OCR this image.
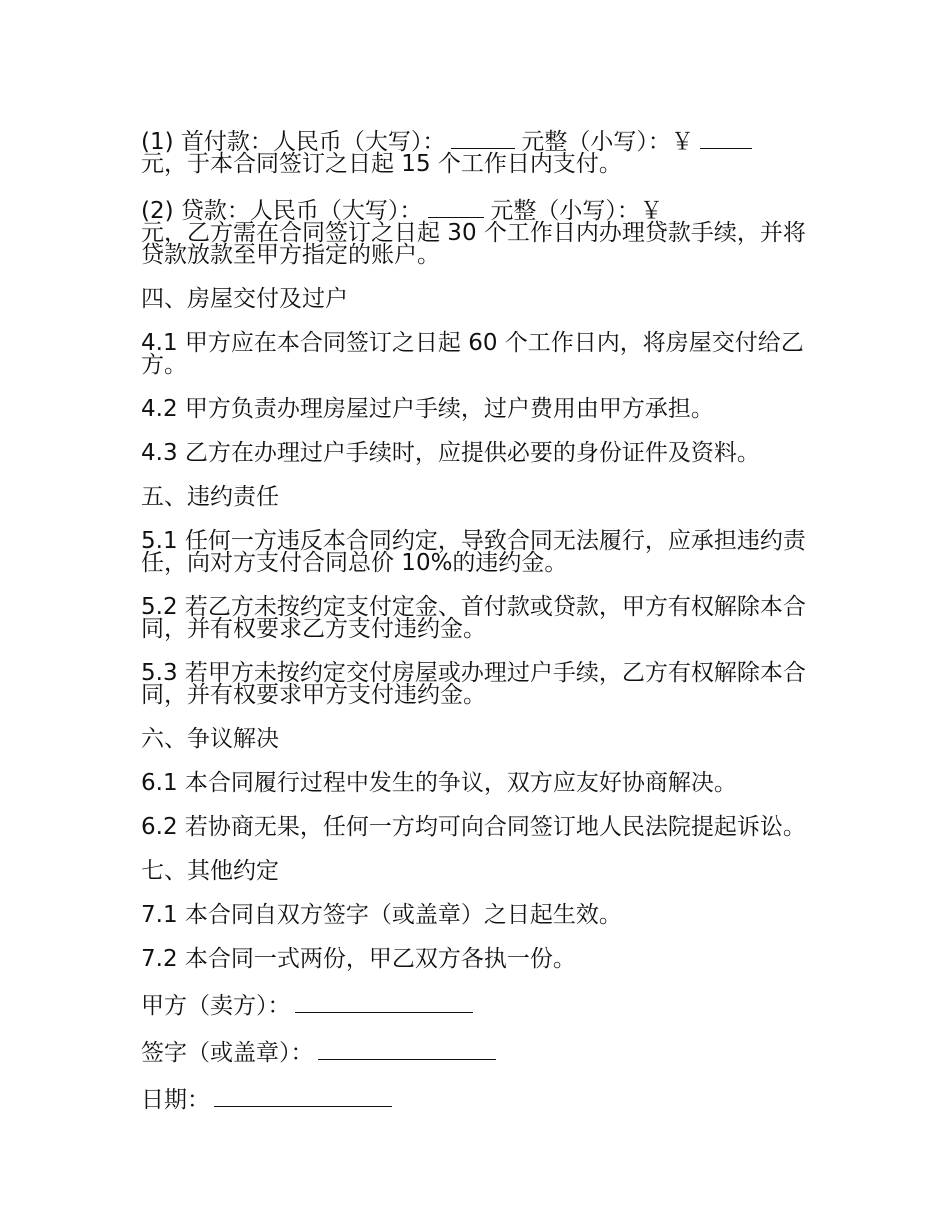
(1) 首付款：人民币（大写）：	元整（小写）：￥
元，于本合同签订之日起 15 个工作日内支付。
(2) 贷款：人民币（大写）：	元整（小写）：￥
元，乙方需在合同签订之日起 30 个工作日内办理贷款手续，并将贷款放款至甲方指定的账户。
四、房屋交付及过户
4.1 甲方应在本合同签订之日起 60 个工作日内，将房屋交付给乙方。
4.2 甲方负责办理房屋过户手续，过户费用由甲方承担。
4.3 乙方在办理过户手续时，应提供必要的身份证件及资料。
五、违约责任
5.1 任何一方违反本合同约定，导致合同无法履行，应承担违约责任，向对方支付合同总价 10%的违约金。
5.2 若乙方未按约定支付定金、首付款或贷款，甲方有权解除本合同，并有权要求乙方支付违约金。
5.3 若甲方未按约定交付房屋或办理过户手续，乙方有权解除本合同，并有权要求甲方支付违约金。
六、争议解决
6.1 本合同履行过程中发生的争议，双方应友好协商解决。
6.2 若协商无果，任何一方均可向合同签订地人民法院提起诉讼。
七、其他约定
7.1 本合同自双方签字（或盖章）之日起生效。
7.2 本合同一式两份，甲乙双方各执一份。
甲方（卖方）：
签字（或盖章）：
日期：
